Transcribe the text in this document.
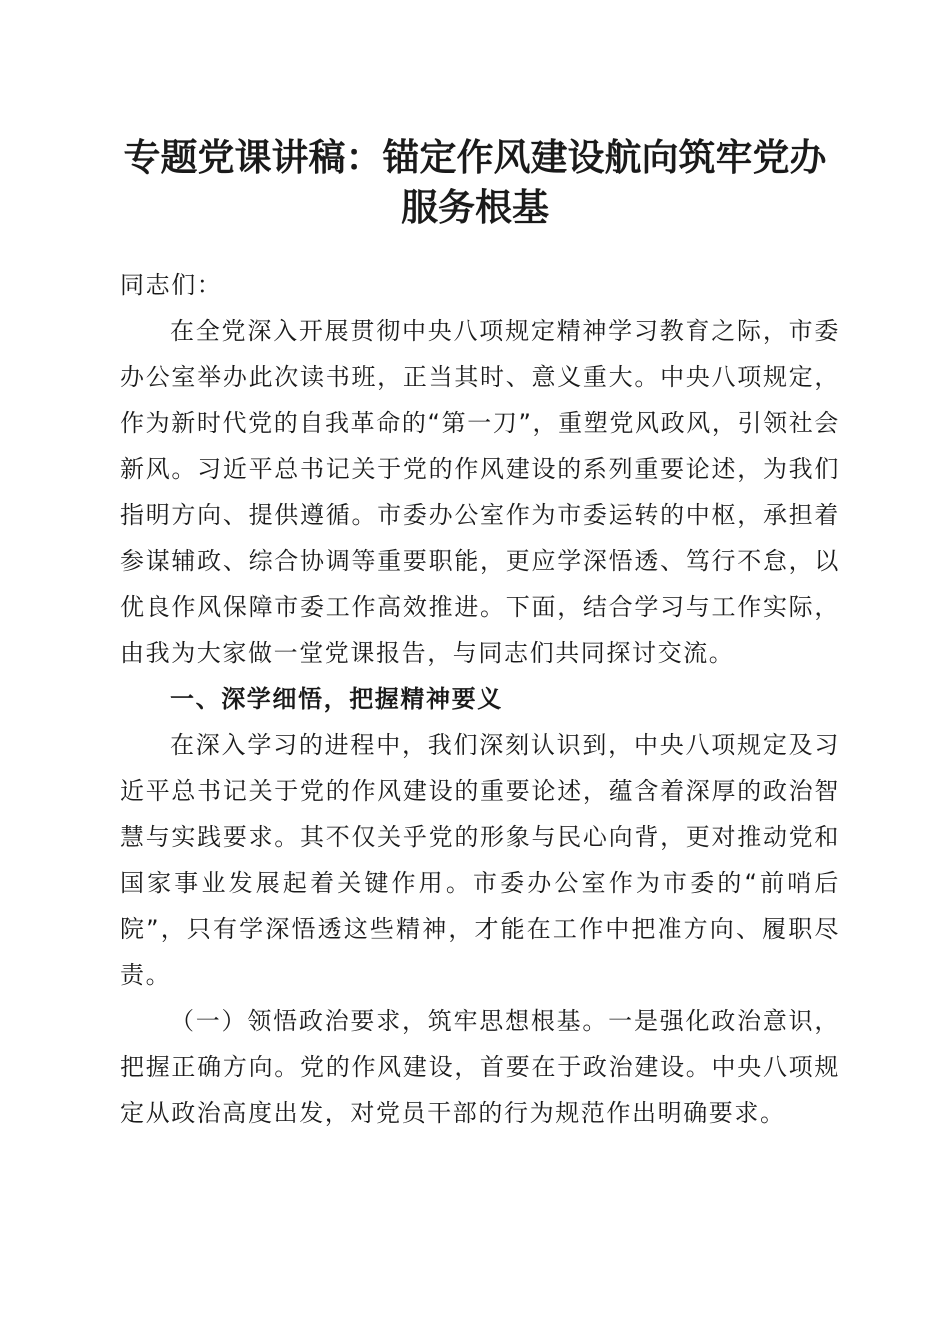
专题党课讲稿：锚定作风建设航向筑牢党办服务根基

同志们：

在全党深入开展贯彻中央八项规定精神学习教育之际，市委办公室举办此次读书班，正当其时、意义重大。中央八项规定，作为新时代党的自我革命的“第一刀”，重塑党风政风，引领社会新风。习近平总书记关于党的作风建设的系列重要论述，为我们指明方向、提供遵循。市委办公室作为市委运转的中枢，承担着参谋辅政、综合协调等重要职能，更应学深悟透、笃行不怠，以优良作风保障市委工作高效推进。下面，结合学习与工作实际，由我为大家做一堂党课报告，与同志们共同探讨交流。

一、深学细悟，把握精神要义

在深入学习的进程中，我们深刻认识到，中央八项规定及习近平总书记关于党的作风建设的重要论述，蕴含着深厚的政治智慧与实践要求。其不仅关乎党的形象与民心向背，更对推动党和国家事业发展起着关键作用。市委办公室作为市委的“前哨后院”，只有学深悟透这些精神，才能在工作中把准方向、履职尽责。

（一）领悟政治要求，筑牢思想根基。一是强化政治意识，把握正确方向。党的作风建设，首要在于政治建设。中央八项规定从政治高度出发，对党员干部的行为规范作出明确要求。
